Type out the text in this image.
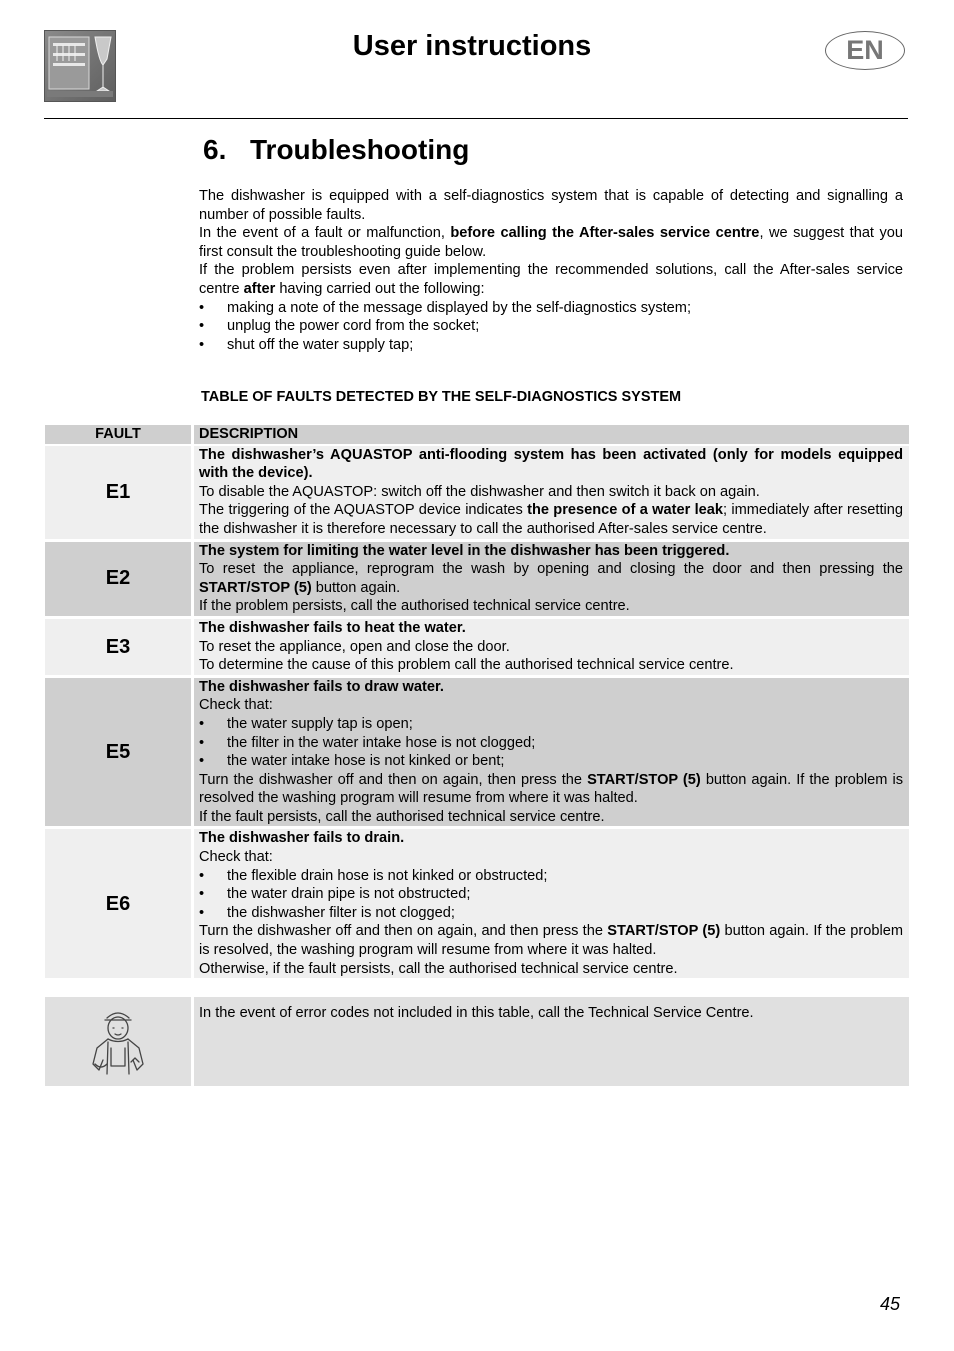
User instructions	EN
6. Troubleshooting

The dishwasher is equipped with a self-diagnostics system that is capable of detecting and signalling a number of possible faults.

In the event of a fault or malfunction, before calling the After-sales service centre, we suggest that you first consult the troubleshooting guide below.

If the problem persists even after implementing the recommended solutions, call the After-sales service centre after having carried out the following:

• making a note of the message displayed by the self-diagnostics system;
• unplug the power cord from the socket;
• shut off the water supply tap;
TABLE OF FAULTS DETECTED BY THE SELF-DIAGNOSTICS SYSTEM
FAULT	DESCRIPTION
E1

The dishwasher’s AQUASTOP anti-flooding system has been activated (only for models equipped with the device).

To disable the AQUASTOP: switch off the dishwasher and then switch it back on again.

The triggering of the AQUASTOP device indicates the presence of a water leak; immediately after resetting the dishwasher it is therefore necessary to call the authorised After-sales service centre.

E2

The system for limiting the water level in the dishwasher has been triggered.

To reset the appliance, reprogram the wash by opening and closing the door and then pressing the START/STOP (5) button again.

If the problem persists, call the authorised technical service centre.

E3

The dishwasher fails to heat the water.

To reset the appliance, open and close the door.

To determine the cause of this problem call the authorised technical service centre.

E5

The dishwasher fails to draw water.

Check that:

• the water supply tap is open;
• the filter in the water intake hose is not clogged;
• the water intake hose is not kinked or bent;

Turn the dishwasher off and then on again, then press the START/STOP (5) button again. If the problem is resolved the washing program will resume from where it was halted.

If the fault persists, call the authorised technical service centre.

E6

The dishwasher fails to drain.

Check that:

• the flexible drain hose is not kinked or obstructed;
• the water drain pipe is not obstructed;
• the dishwasher filter is not clogged;

Turn the dishwasher off and then on again, and then press the START/STOP (5) button again. If the problem is resolved, the washing program will resume from where it was halted.

Otherwise, if the fault persists, call the authorised technical service centre.

In the event of error codes not included in this table, call the Technical Service Centre.
45
